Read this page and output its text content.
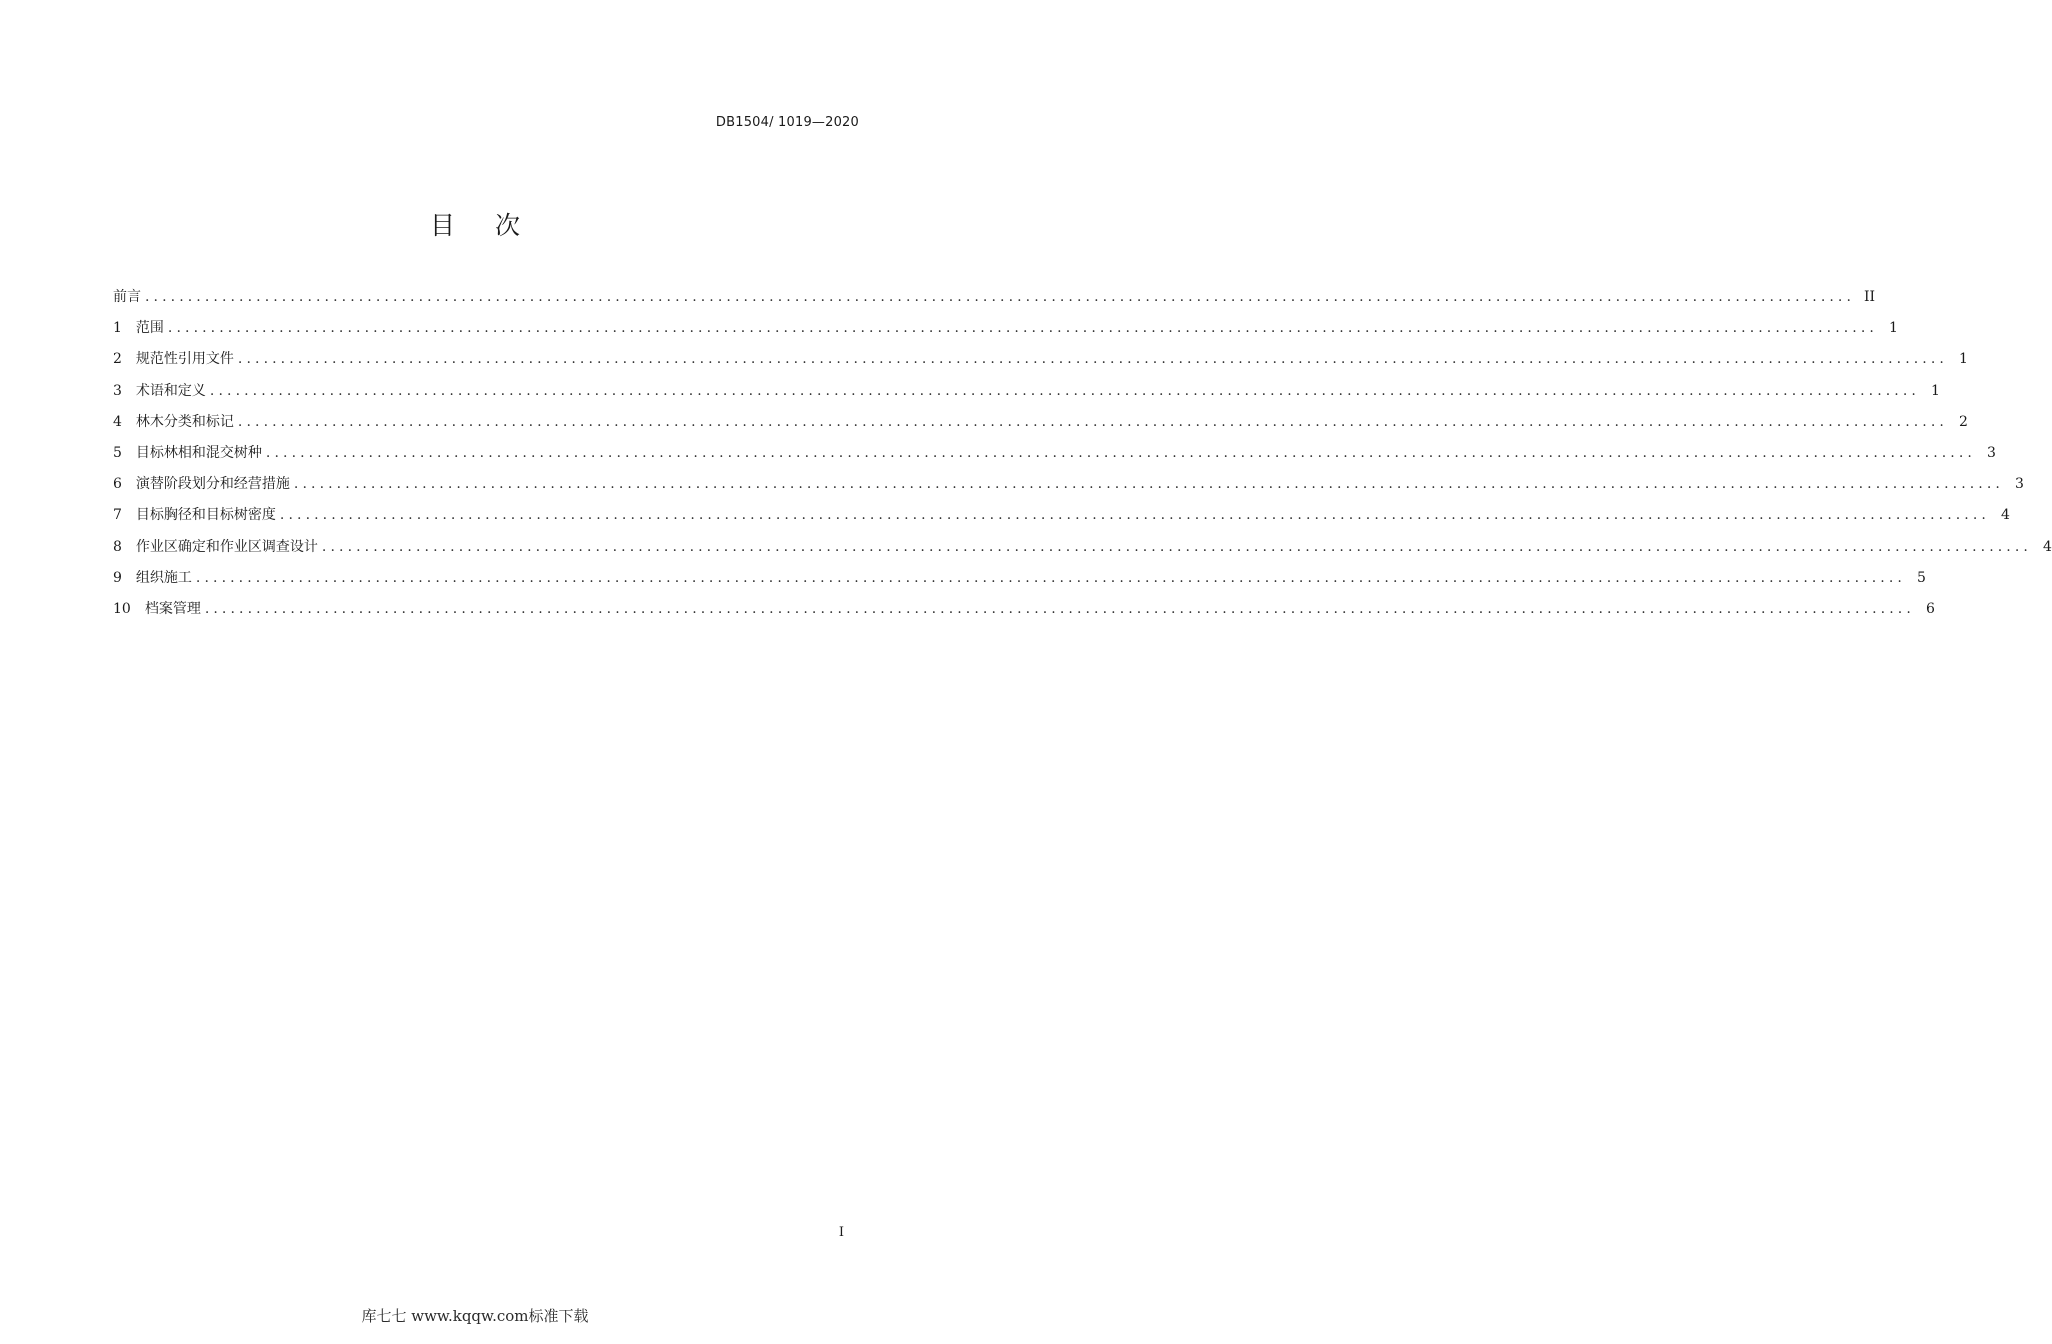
DB1504/ 1019—2020
目 次
前言 ........................................................................................................................................................................................................ II
1 范围 ........................................................................................................................................................................................................ 1
2 规范性引用文件 ........................................................................................................................................................................................................ 1
3 术语和定义 ........................................................................................................................................................................................................ 1
4 林木分类和标记 ........................................................................................................................................................................................................ 2
5 目标林相和混交树种 ........................................................................................................................................................................................................ 3
6 演替阶段划分和经营措施 ........................................................................................................................................................................................................ 3
7 目标胸径和目标树密度 ........................................................................................................................................................................................................ 4
8 作业区确定和作业区调查设计 ........................................................................................................................................................................................................ 4
9 组织施工 ........................................................................................................................................................................................................ 5
10 档案管理 ........................................................................................................................................................................................................ 6
I
库七七 www.kqqw.com标准下载
